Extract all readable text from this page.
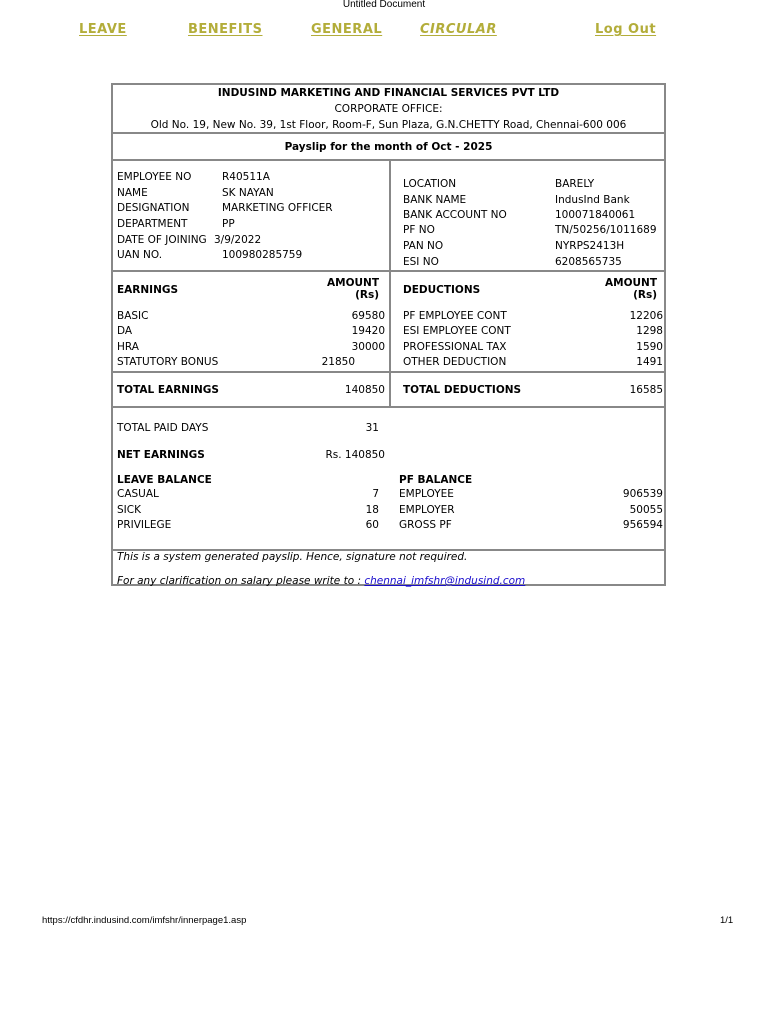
Untitled Document
LEAVE	BENEFITS	GENERAL	CIRCULAR	Log Out
INDUSIND MARKETING AND FINANCIAL SERVICES PVT LTD
CORPORATE OFFICE:
Old No. 19, New No. 39, 1st Floor, Room-F, Sun Plaza, G.N.CHETTY Road, Chennai-600 006
Payslip for the month of Oct - 2025
EMPLOYEE NO	R40511A
NAME	SK NAYAN
DESIGNATION	MARKETING OFFICER
DEPARTMENT	PP
DATE OF JOINING 3/9/2022
UAN NO.	100980285759
LOCATION	BARELY
BANK NAME	IndusInd Bank
BANK ACCOUNT NO	100071840061
PF NO	TN/50256/1011689
PAN NO	NYRPS2413H
ESI NO	6208565735
EARNINGS
AMOUNT
(Rs)
BASIC	69580
DA	19420
HRA	30000
STATUTORY BONUS	21850
TOTAL EARNINGS	140850
DEDUCTIONS
AMOUNT
(Rs)
PF EMPLOYEE CONT	12206
ESI EMPLOYEE CONT	1298
PROFESSIONAL TAX	1590
OTHER DEDUCTION	1491
TOTAL DEDUCTIONS	16585
TOTAL PAID DAYS	31
NET EARNINGS	Rs. 140850
LEAVE BALANCE
CASUAL	7
SICK	18
PRIVILEGE	60
PF BALANCE
EMPLOYEE	906539
EMPLOYER	50055
GROSS PF	956594
This is a system generated payslip. Hence, signature not required.
For any clarification on salary please write to : chennai_imfshr@indusind.com
https://cfdhr.indusind.com/imfshr/innerpage1.asp	1/1
